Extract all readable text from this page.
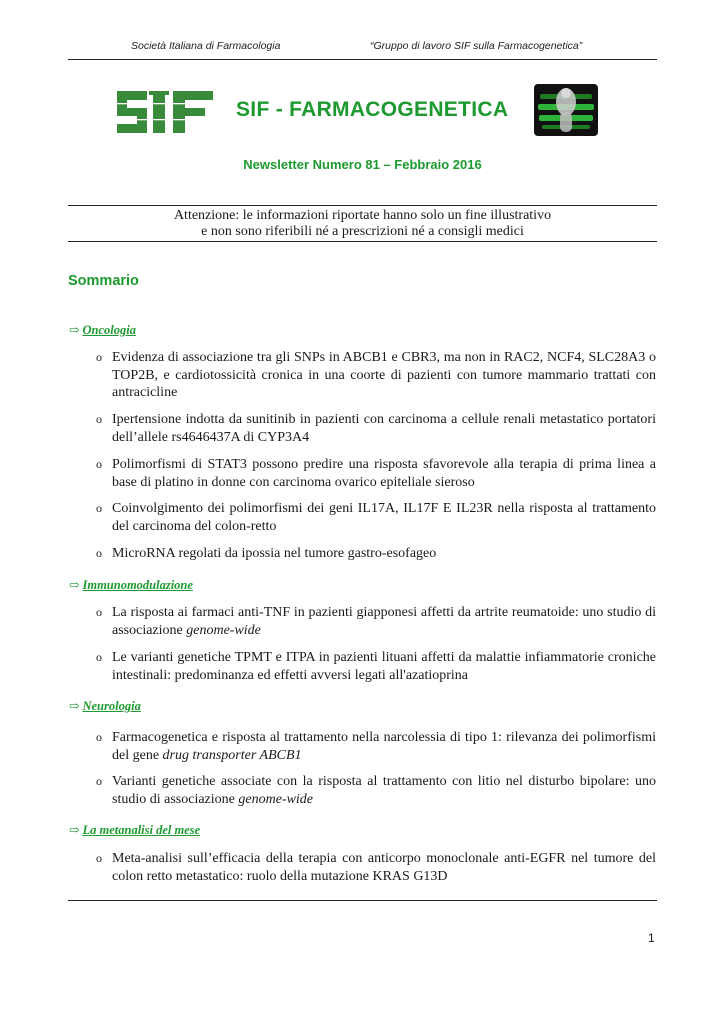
Società Italiana di Farmacologia	“Gruppo di lavoro SIF sulla Farmacogenetica”
SIF - FARMACOGENETICA
Newsletter Numero 81 – Febbraio 2016
Attenzione: le informazioni riportate hanno solo un fine illustrativo
e non sono riferibili né a prescrizioni né a consigli medici
Sommario
⇨ Oncologia
o Evidenza di associazione tra gli SNPs in ABCB1 e CBR3, ma non in RAC2, NCF4, SLC28A3 o TOP2B, e cardiotossicità cronica in una coorte di pazienti con tumore mammario trattati con antracicline
o Ipertensione indotta da sunitinib in pazienti con carcinoma a cellule renali metastatico portatori dell’allele rs4646437A di CYP3A4
o Polimorfismi di STAT3 possono predire una risposta sfavorevole alla terapia di prima linea a base di platino in donne con carcinoma ovarico epiteliale sieroso
o Coinvolgimento dei polimorfismi dei geni IL17A, IL17F E IL23R nella risposta al trattamento del carcinoma del colon-retto
o MicroRNA regolati da ipossia nel tumore gastro-esofageo
⇨ Immunomodulazione
o La risposta ai farmaci anti-TNF in pazienti giapponesi affetti da artrite reumatoide: uno studio di associazione genome-wide
o Le varianti genetiche TPMT e ITPA in pazienti lituani affetti da malattie infiammatorie croniche intestinali: predominanza ed effetti avversi legati all'azatioprina
⇨ Neurologia
o Farmacogenetica e risposta al trattamento nella narcolessia di tipo 1: rilevanza dei polimorfismi del gene drug transporter ABCB1
o Varianti genetiche associate con la risposta al trattamento con litio nel disturbo bipolare: uno studio di associazione genome-wide
⇨ La metanalisi del mese
o Meta-analisi sull’efficacia della terapia con anticorpo monoclonale anti-EGFR nel tumore del colon retto metastatico: ruolo della mutazione KRAS G13D
1
